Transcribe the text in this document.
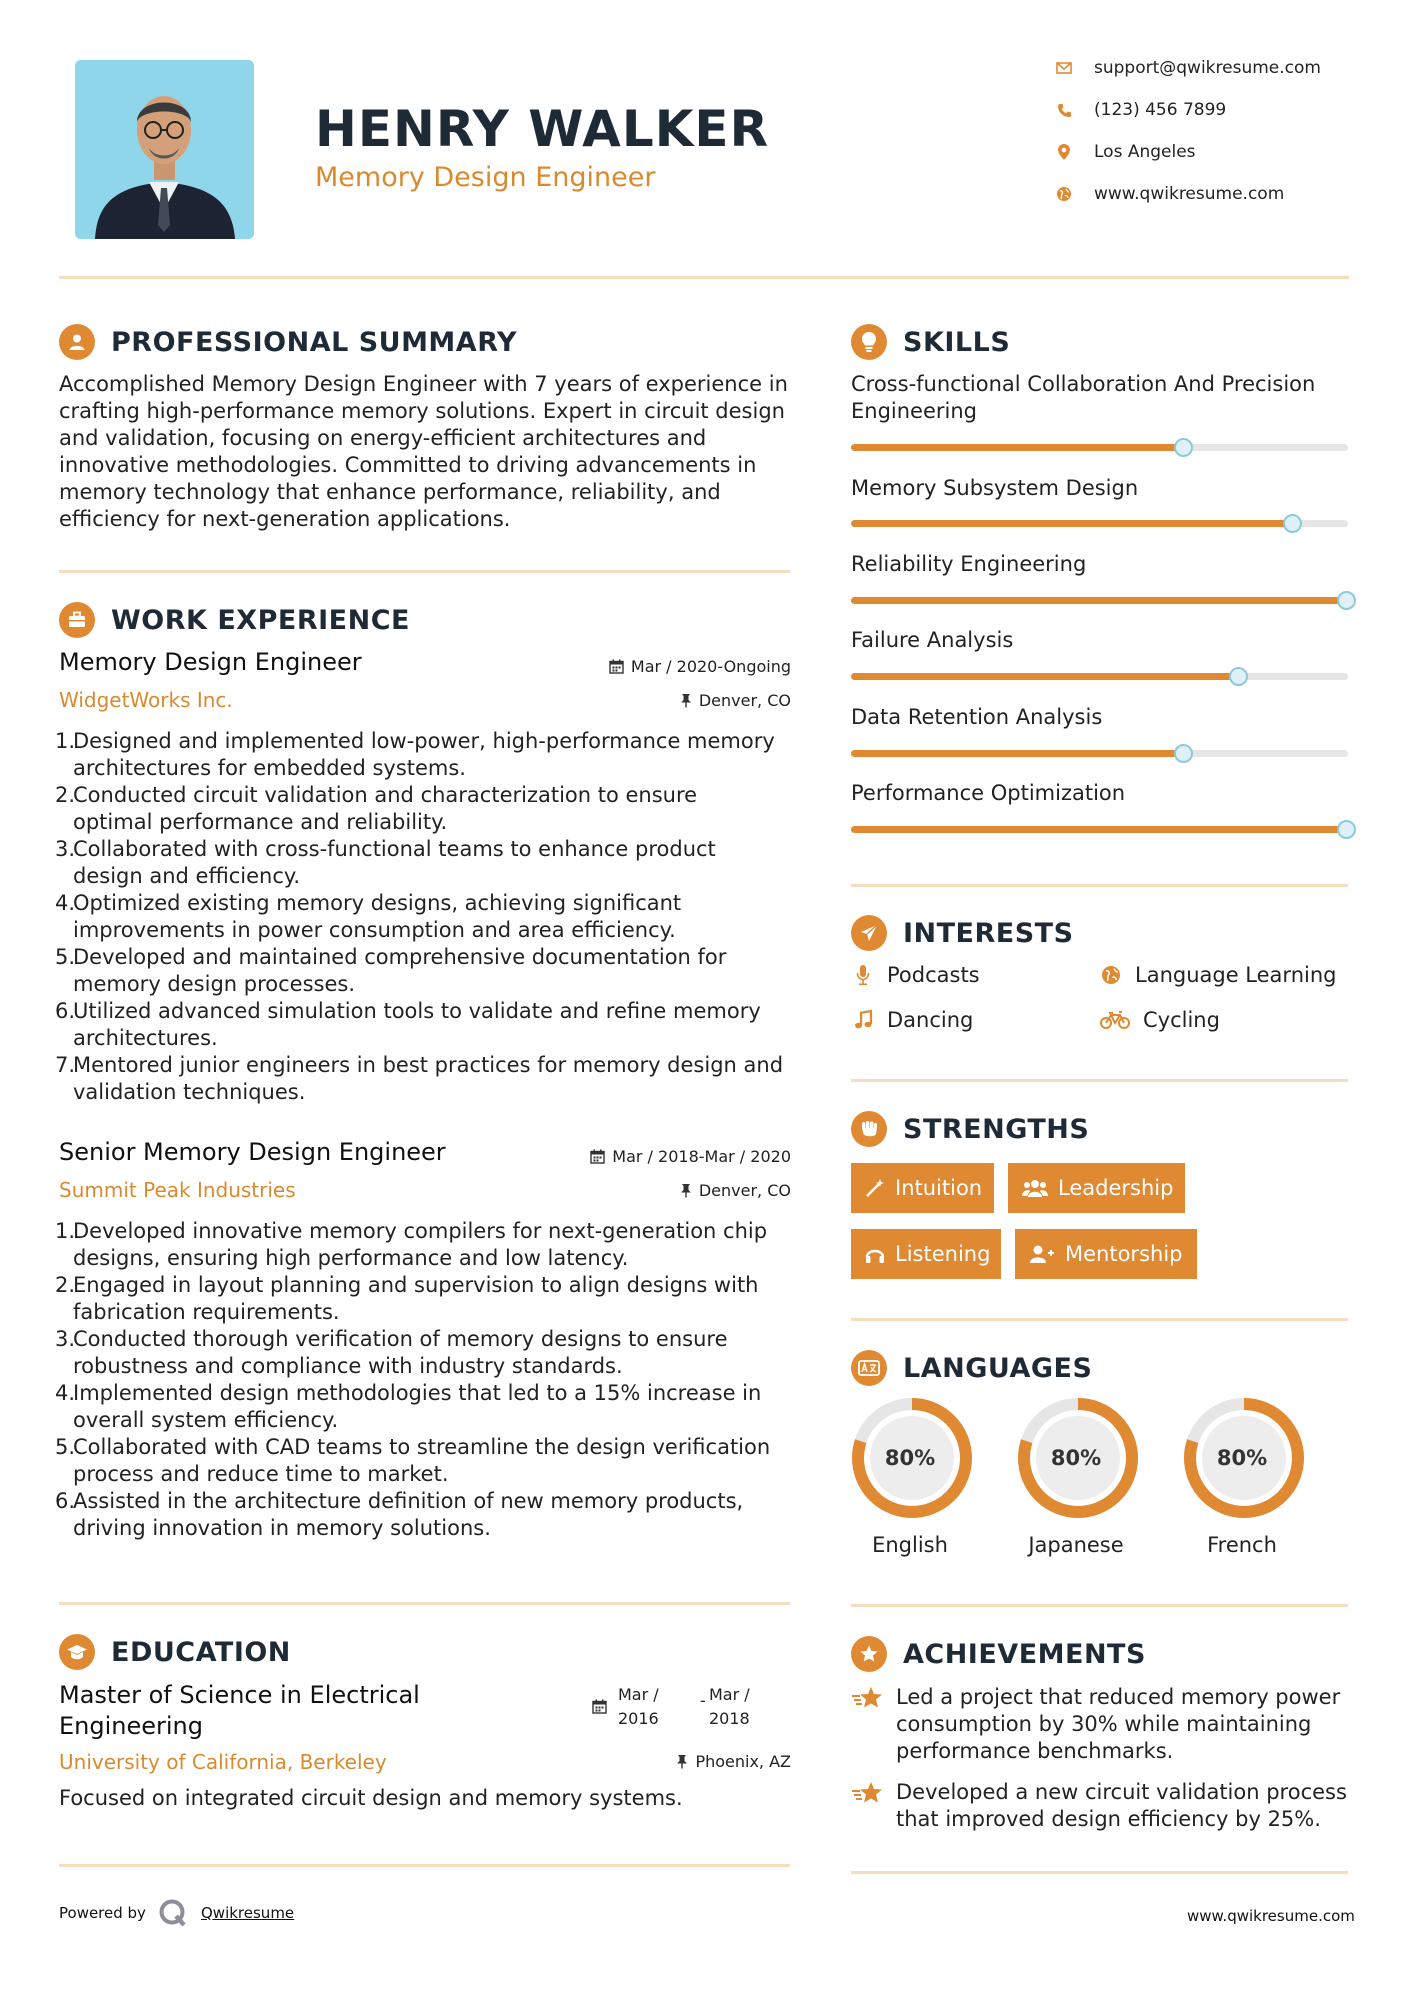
HENRY WALKER
Memory Design Engineer
support@qwikresume.com
(123) 456 7899
Los Angeles
www.qwikresume.com
PROFESSIONAL SUMMARY
Accomplished Memory Design Engineer with 7 years of experience in
crafting high-performance memory solutions. Expert in circuit design
and validation, focusing on energy-efficient architectures and
innovative methodologies. Committed to driving advancements in
memory technology that enhance performance, reliability, and
efficiency for next-generation applications.
WORK EXPERIENCE
Memory Design Engineer	Mar / 2020-Ongoing
WidgetWorks Inc.	Denver, CO
1.
Designed and implemented low-power, high-performance memory
architectures for embedded systems.
2.
Conducted circuit validation and characterization to ensure
optimal performance and reliability.
3.
Collaborated with cross-functional teams to enhance product
design and efficiency.
4.
Optimized existing memory designs, achieving significant
improvements in power consumption and area efficiency.
5.
Developed and maintained comprehensive documentation for
memory design processes.
6.
Utilized advanced simulation tools to validate and refine memory
architectures.
7.
Mentored junior engineers in best practices for memory design and
validation techniques.
Senior Memory Design Engineer	Mar / 2018-Mar / 2020
Summit Peak Industries	Denver, CO
1.
Developed innovative memory compilers for next-generation chip
designs, ensuring high performance and low latency.
2.
Engaged in layout planning and supervision to align designs with
fabrication requirements.
3.
Conducted thorough verification of memory designs to ensure
robustness and compliance with industry standards.
4.
Implemented design methodologies that led to a 15% increase in
overall system efficiency.
5.
Collaborated with CAD teams to streamline the design verification
process and reduce time to market.
6.
Assisted in the architecture definition of new memory products,
driving innovation in memory solutions.
EDUCATION
Master of Science in Electrical
Engineering
Mar /
2016
- Mar /
2018
University of California, Berkeley	Phoenix, AZ
Focused on integrated circuit design and memory systems.
SKILLS
Cross-functional Collaboration And Precision
Engineering
Memory Subsystem Design
Reliability Engineering
Failure Analysis
Data Retention Analysis
Performance Optimization
INTERESTS
Podcasts	Language Learning
Dancing	Cycling
STRENGTHS
Intuition	Leadership
Listening	Mentorship
LANGUAGES
80%
English
80%
Japanese
80%
French
ACHIEVEMENTS
Led a project that reduced memory power
consumption by 30% while maintaining
performance benchmarks.
Developed a new circuit validation process
that improved design efficiency by 25%.
Powered by	Qwikresume	www.qwikresume.com
